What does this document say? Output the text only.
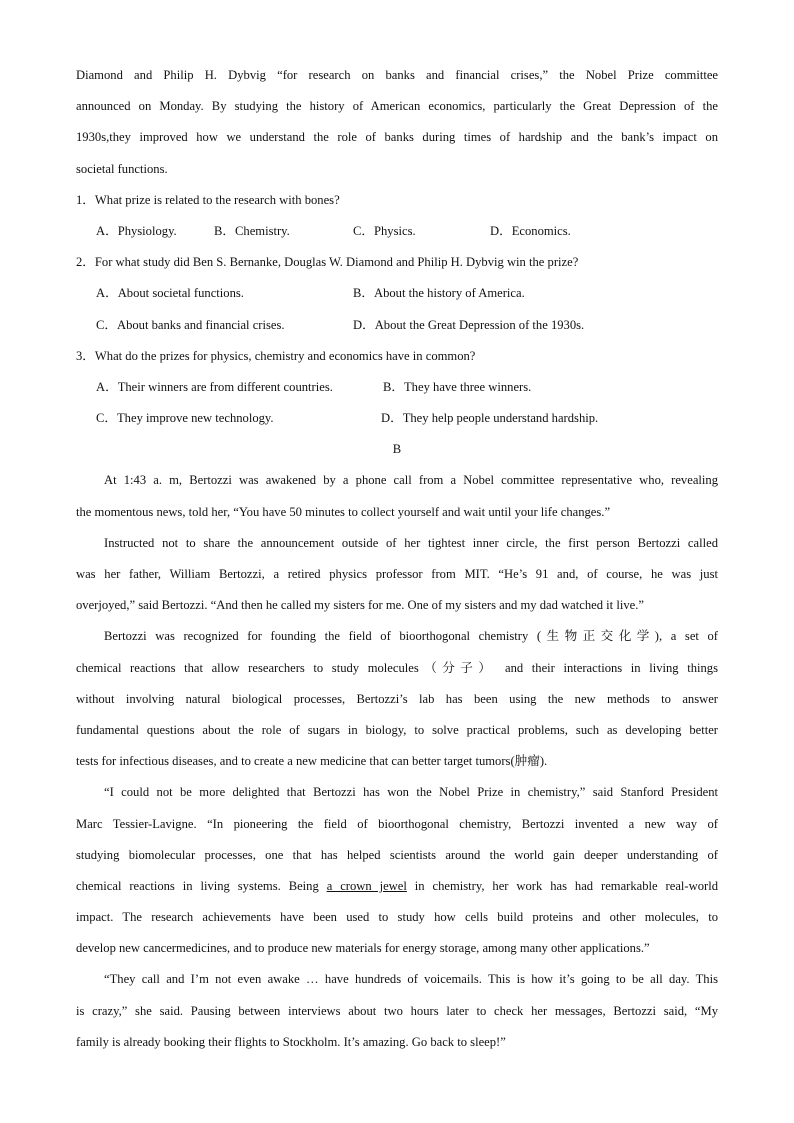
Diamond and Philip H. Dybvig “for research on banks and financial crises,” the Nobel Prize committee
announced on Monday. By studying the history of American economics, particularly the Great Depression of the
1930s,they improved how we understand the role of banks during times of hardship and the bank’s impact on
societal functions.
1．What prize is related to the research with bones?
A．Physiology.	B．Chemistry.	C．Physics.	D．Economics.
2．For what study did Ben S. Bernanke, Douglas W. Diamond and Philip H. Dybvig win the prize?
A．About societal functions.	B．About the history of America.
C．About banks and financial crises.	D．About the Great Depression of the 1930s.
3．What do the prizes for physics, chemistry and economics have in common?
A．Their winners are from different countries.	B．They have three winners.
C．They improve new technology.	D．They help people understand hardship.
B
At 1:43 a. m, Bertozzi was awakened by a phone call from a Nobel committee representative who, revealing
the momentous news, told her, “You have 50 minutes to collect yourself and wait until your life changes.”
Instructed not to share the announcement outside of her tightest inner circle, the first person Bertozzi called
was her father, William Bertozzi, a retired physics professor from MIT. “He’s 91 and, of course, he was just
overjoyed,” said Bertozzi. “And then he called my sisters for me. One of my sisters and my dad watched it live.”
Bertozzi was recognized for founding the field of bioorthogonal chemistry (生物正交化学), a set of
chemical reactions that allow researchers to study molecules（分子） and their interactions in living things
without involving natural biological processes, Bertozzi’s lab has been using the new methods to answer
fundamental questions about the role of sugars in biology, to solve practical problems, such as developing better
tests for infectious diseases, and to create a new medicine that can better target tumors(肿瘤).
“I could not be more delighted that Bertozzi has won the Nobel Prize in chemistry,” said Stanford President
Marc Tessier-Lavigne. “In pioneering the field of bioorthogonal chemistry, Bertozzi invented a new way of
studying biomolecular processes, one that has helped scientists around the world gain deeper understanding of
chemical reactions in living systems. Being a crown jewel in chemistry, her work has had remarkable real-world
impact. The research achievements have been used to study how cells build proteins and other molecules, to
develop new cancermedicines, and to produce new materials for energy storage, among many other applications.”
“They call and I’m not even awake … have hundreds of voicemails. This is how it’s going to be all day. This
is crazy,” she said. Pausing between interviews about two hours later to check her messages, Bertozzi said, “My
family is already booking their flights to Stockholm. It’s amazing. Go back to sleep!”
